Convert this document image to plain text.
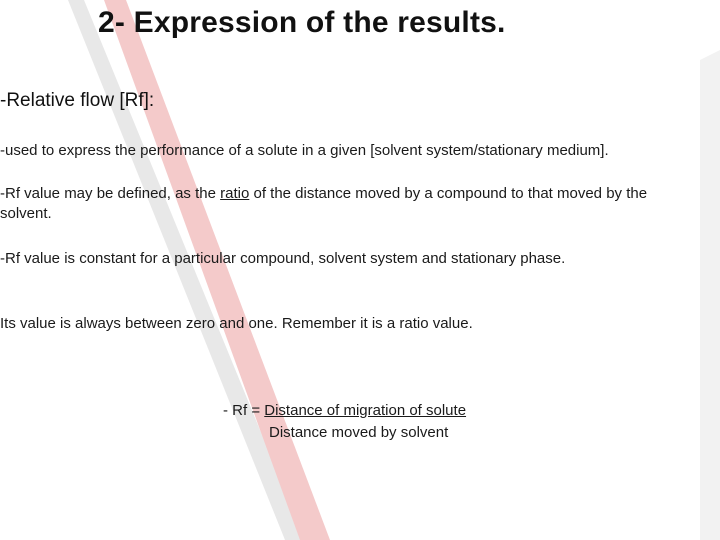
2- Expression of the results.
-Relative flow [Rf]:

-used to express the performance of a solute in a given [solvent system/stationary medium].

-Rf value may be defined, as the ratio of the distance moved by a compound to that moved by the solvent.

-Rf value is constant for a particular compound, solvent system and stationary phase.

Its value is always between zero and one. Remember it is a ratio value.

- Rf = Distance of migration of solute
Distance moved by solvent
